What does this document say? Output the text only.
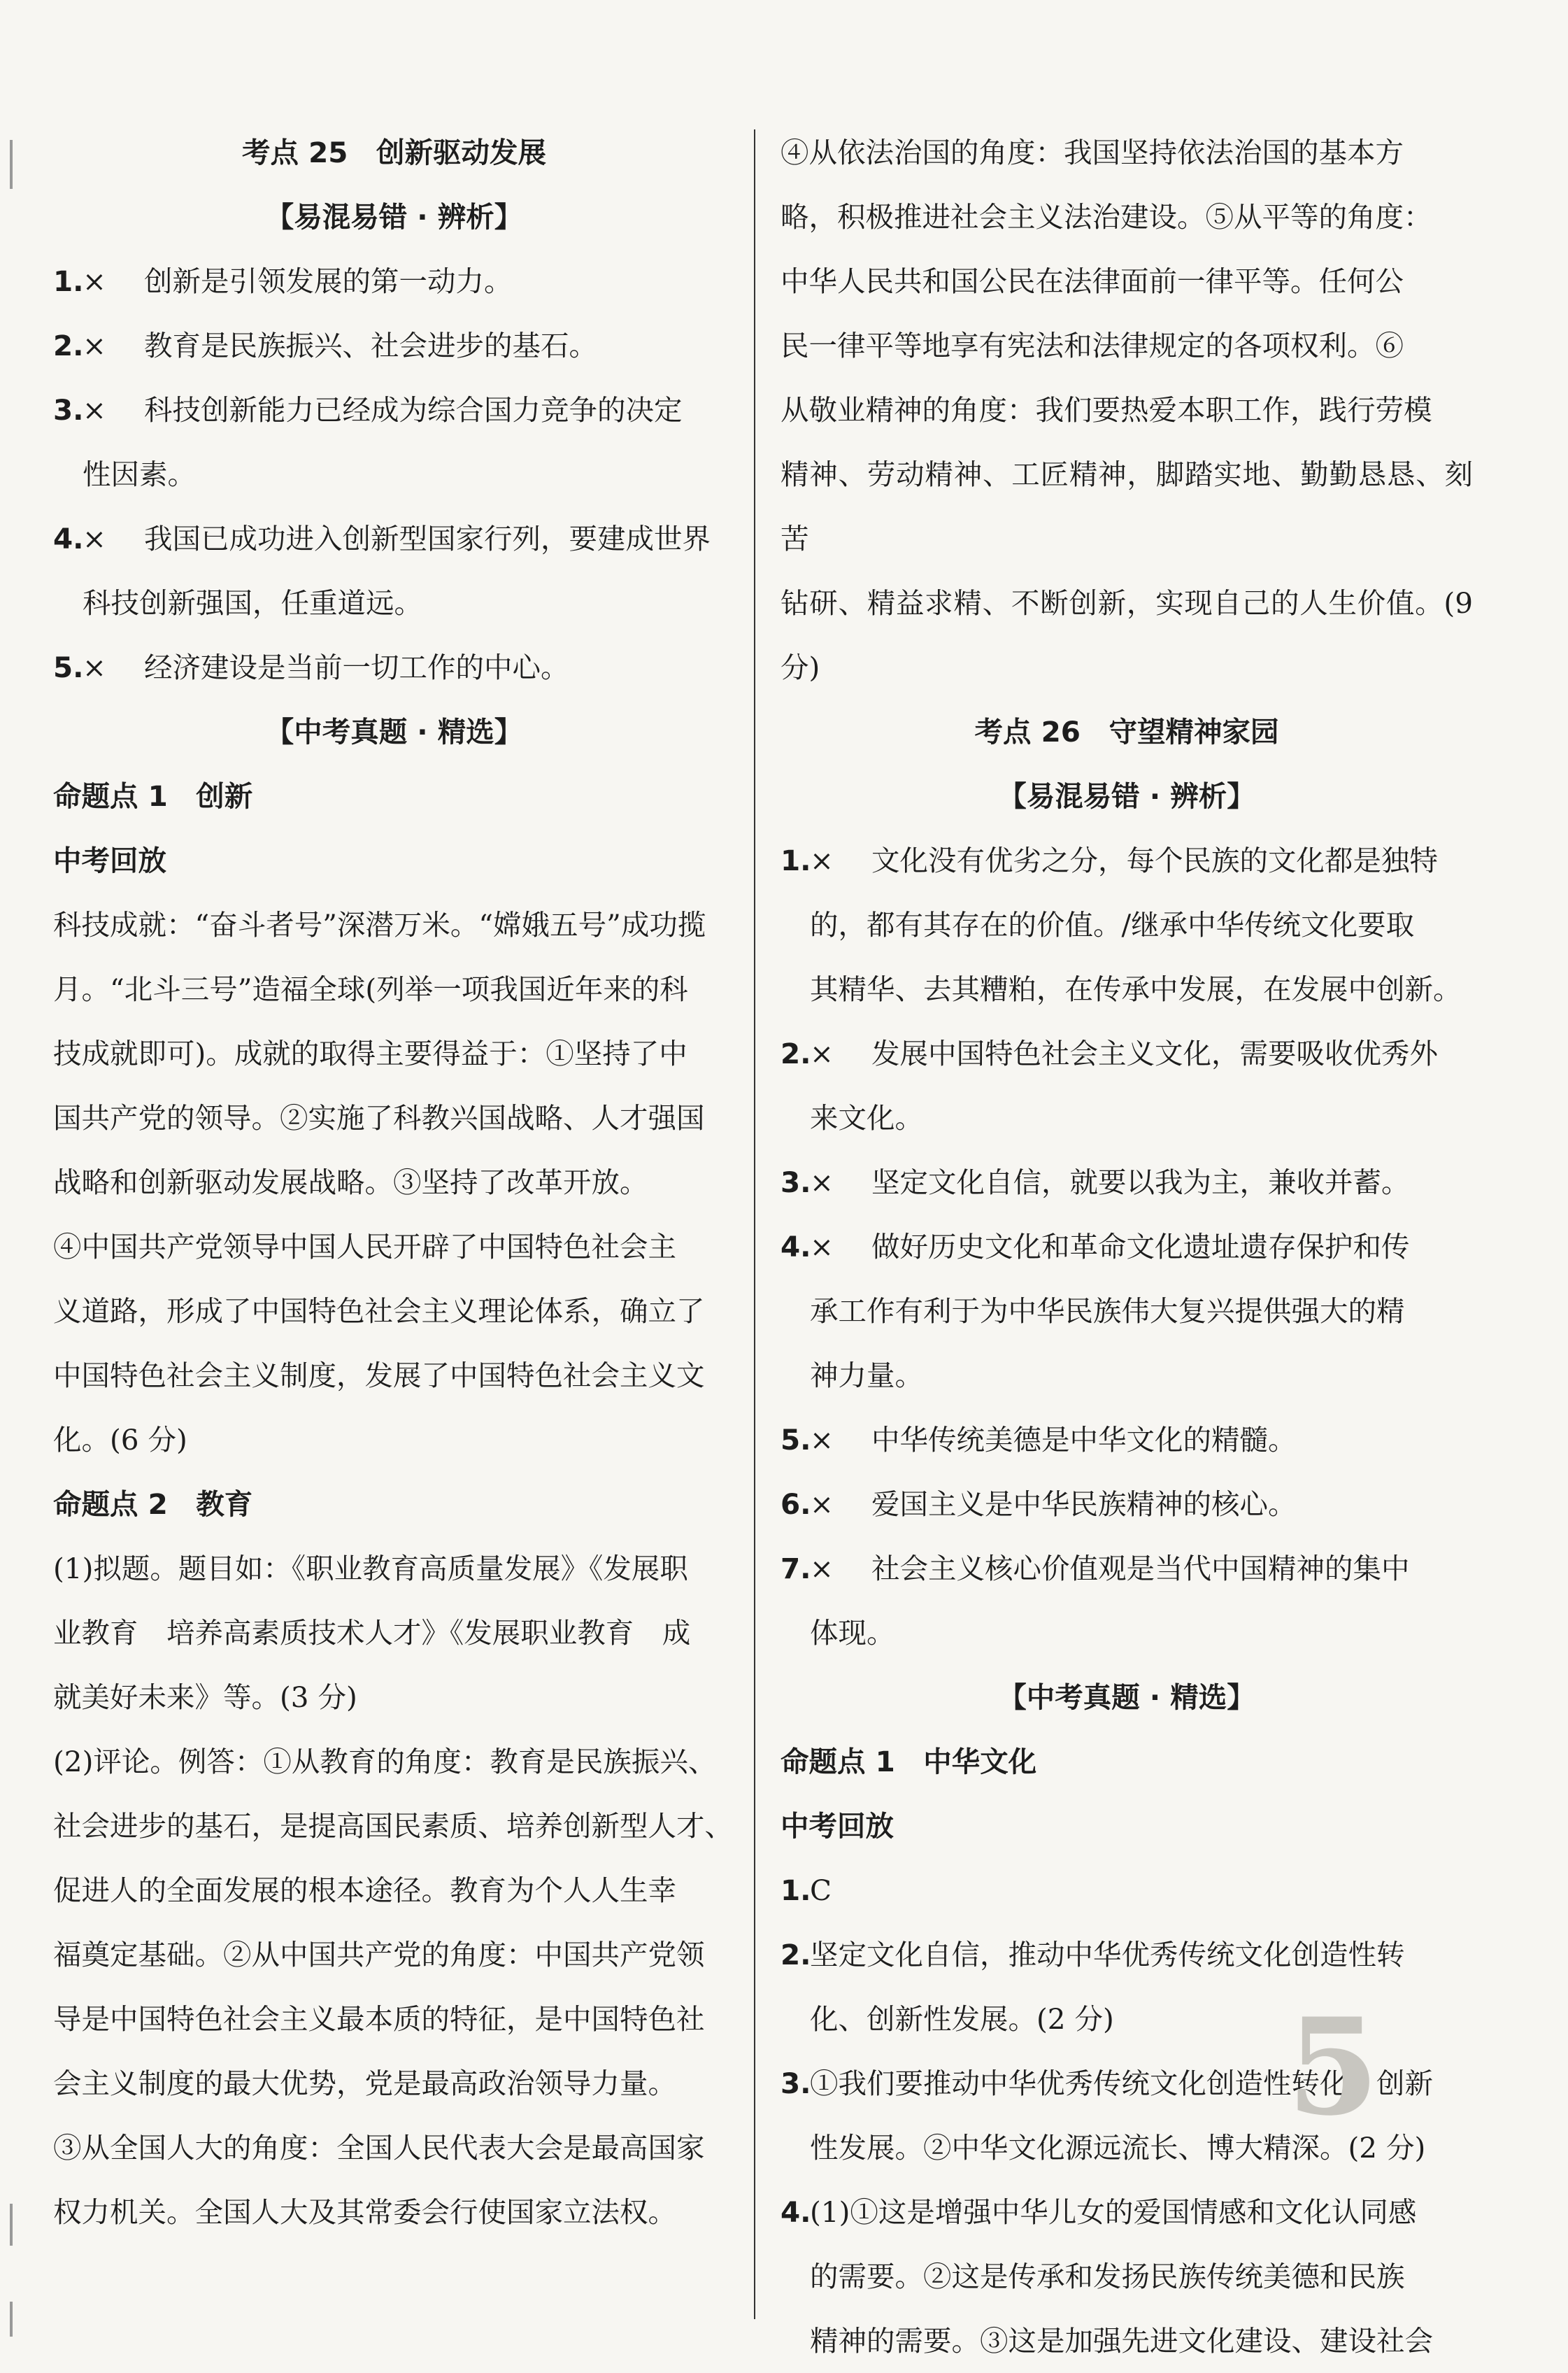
考点 25　创新驱动发展
【易混易错 · 辨析】
1.
×	创新是引领发展的第一动力。
2.
×	教育是民族振兴、社会进步的基石。
3.
×	科技创新能力已经成为综合国力竞争的决定
性因素。
4.
×	我国已成功进入创新型国家行列，要建成世界
科技创新强国，任重道远。
5.
×	经济建设是当前一切工作的中心。
【中考真题 · 精选】
命题点 1　创新
中考回放

科技成就：“奋斗者号”深潜万米。“嫦娥五号”成功揽

月。“北斗三号”造福全球(列举一项我国近年来的科

技成就即可)。成就的取得主要得益于：①坚持了中

国共产党的领导。②实施了科教兴国战略、人才强国

战略和创新驱动发展战略。③坚持了改革开放。

④中国共产党领导中国人民开辟了中国特色社会主

义道路，形成了中国特色社会主义理论体系，确立了

中国特色社会主义制度，发展了中国特色社会主义文

化。(6 分)

命题点 2　教育

(1)拟题。题目如：《职业教育高质量发展》《发展职

业教育　培养高素质技术人才》《发展职业教育　成

就美好未来》等。(3 分)

(2)评论。例答：①从教育的角度：教育是民族振兴、

社会进步的基石，是提高国民素质、培养创新型人才、

促进人的全面发展的根本途径。教育为个人人生幸

福奠定基础。②从中国共产党的角度：中国共产党领

导是中国特色社会主义最本质的特征，是中国特色社

会主义制度的最大优势，党是最高政治领导力量。

③从全国人大的角度：全国人民代表大会是最高国家

权力机关。全国人大及其常委会行使国家立法权。

④从依法治国的角度：我国坚持依法治国的基本方

略，积极推进社会主义法治建设。⑤从平等的角度：

中华人民共和国公民在法律面前一律平等。任何公

民一律平等地享有宪法和法律规定的各项权利。⑥

从敬业精神的角度：我们要热爱本职工作，践行劳模

精神、劳动精神、工匠精神，脚踏实地、勤勤恳恳、刻苦

钻研、精益求精、不断创新，实现自己的人生价值。(9 分)

考点 26　守望精神家园
【易混易错 · 辨析】
1.
×	文化没有优劣之分，每个民族的文化都是独特
的，都有其存在的价值。/继承中华传统文化要取
其精华、去其糟粕，在传承中发展，在发展中创新。
2.
×	发展中国特色社会主义文化，需要吸收优秀外
来文化。
3.
×	坚定文化自信，就要以我为主，兼收并蓄。
4.
×	做好历史文化和革命文化遗址遗存保护和传
承工作有利于为中华民族伟大复兴提供强大的精
神力量。
5.
×	中华传统美德是中华文化的精髓。
6.
×	爱国主义是中华民族精神的核心。
7.
×	社会主义核心价值观是当代中国精神的集中
体现。
【中考真题 · 精选】
命题点 1　中华文化
中考回放
1.
C
2.
坚定文化自信，推动中华优秀传统文化创造性转
化、创新性发展。(2 分)
3.
①我们要推动中华优秀传统文化创造性转化、创新
性发展。②中华文化源远流长、博大精深。(2 分)
4.
(1)①这是增强中华儿女的爱国情感和文化认同感
的需要。②这是传承和发扬民族传统美德和民族
精神的需要。③这是加强先进文化建设、建设社会
5
